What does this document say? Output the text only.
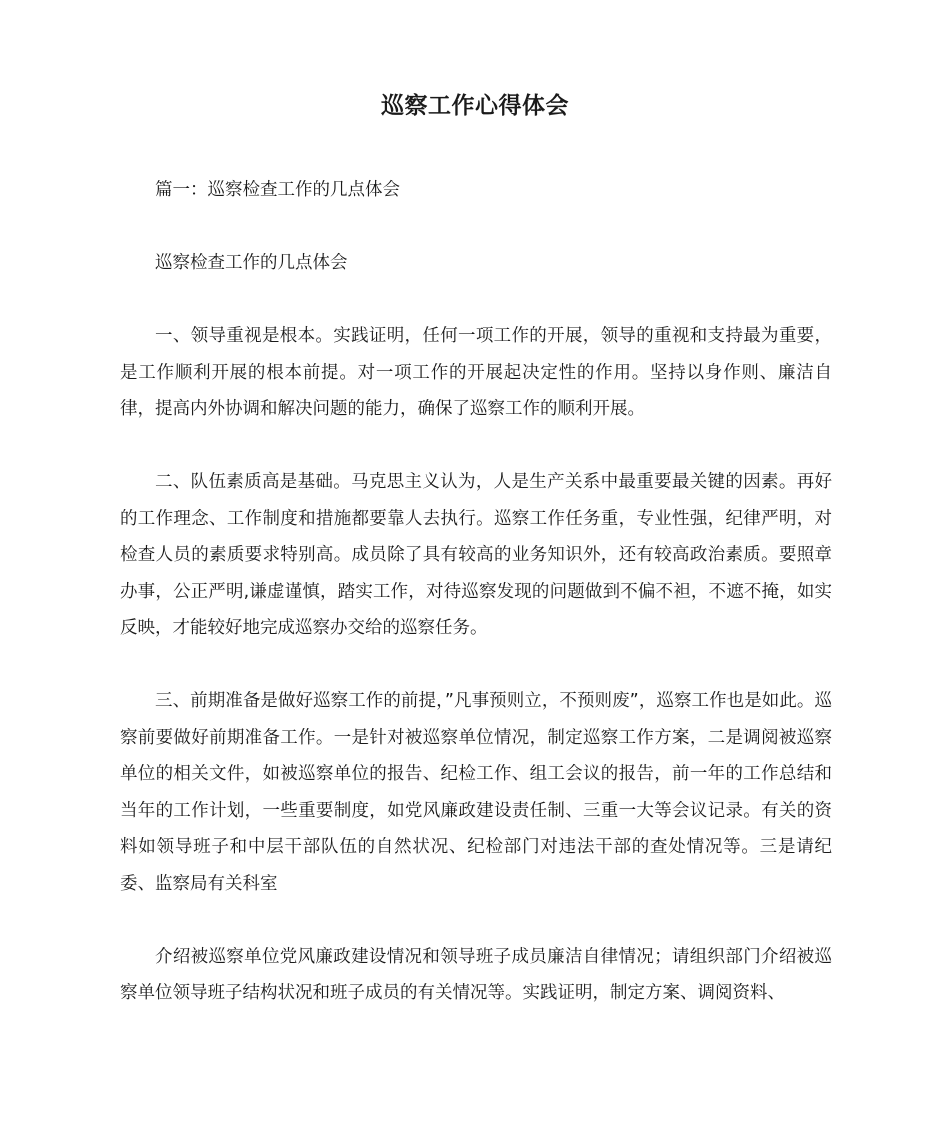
巡察工作心得体会

篇一：巡察检查工作的几点体会

巡察检查工作的几点体会

一、领导重视是根本。实践证明，任何一项工作的开展，领导的重视和支持最为重要，是工作顺利开展的根本前提。对一项工作的开展起决定性的作用。坚持以身作则、廉洁自律，提高内外协调和解决问题的能力，确保了巡察工作的顺利开展。

二、队伍素质高是基础。马克思主义认为，人是生产关系中最重要最关键的因素。再好的工作理念、工作制度和措施都要靠人去执行。巡察工作任务重，专业性强，纪律严明，对检查人员的素质要求特别高。成员除了具有较高的业务知识外，还有较高政治素质。要照章办事，公正严明,谦虚谨慎，踏实工作，对待巡察发现的问题做到不偏不袒，不遮不掩，如实反映，才能较好地完成巡察办交给的巡察任务。

三、前期准备是做好巡察工作的前提，”凡事预则立，不预则废”，巡察工作也是如此。巡察前要做好前期准备工作。一是针对被巡察单位情况，制定巡察工作方案，二是调阅被巡察单位的相关文件，如被巡察单位的报告、纪检工作、组工会议的报告，前一年的工作总结和当年的工作计划，一些重要制度，如党风廉政建设责任制、三重一大等会议记录。有关的资料如领导班子和中层干部队伍的自然状况、纪检部门对违法干部的查处情况等。三是请纪委、监察局有关科室

介绍被巡察单位党风廉政建设情况和领导班子成员廉洁自律情况；请组织部门介绍被巡察单位领导班子结构状况和班子成员的有关情况等。实践证明，制定方案、调阅资料、
